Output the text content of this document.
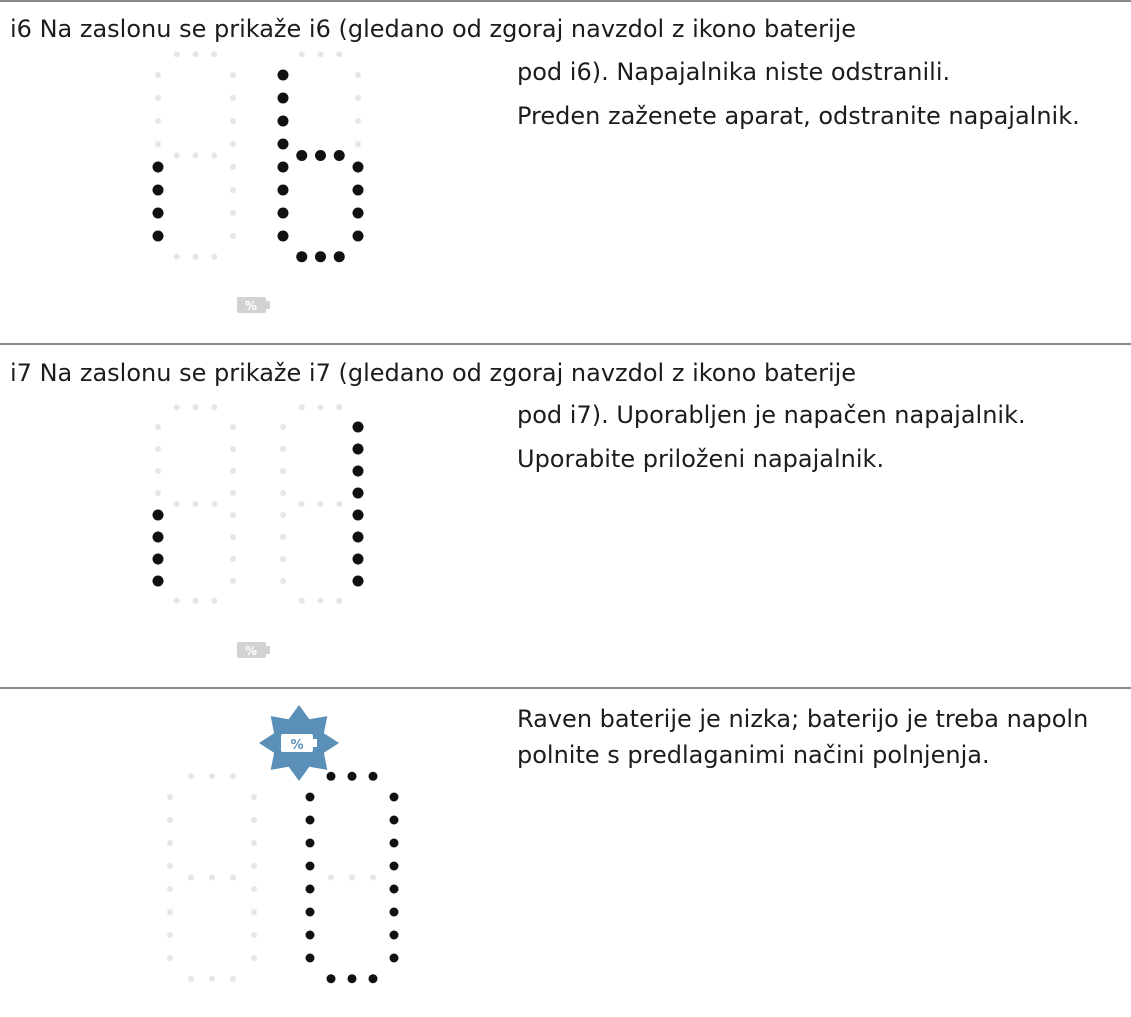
i6 Na zaslonu se prikaže i6 (gledano od zgoraj navzdol z ikono baterije
pod i6). Napajalnika niste odstranili.
Preden zaženete aparat, odstranite napajalnik.
%
i7 Na zaslonu se prikaže i7 (gledano od zgoraj navzdol z ikono baterije
pod i7). Uporabljen je napačen napajalnik.
Uporabite priloženi napajalnik.
%
Raven baterije je nizka; baterijo je treba napoln
polnite s predlaganimi načini polnjenja.
%
